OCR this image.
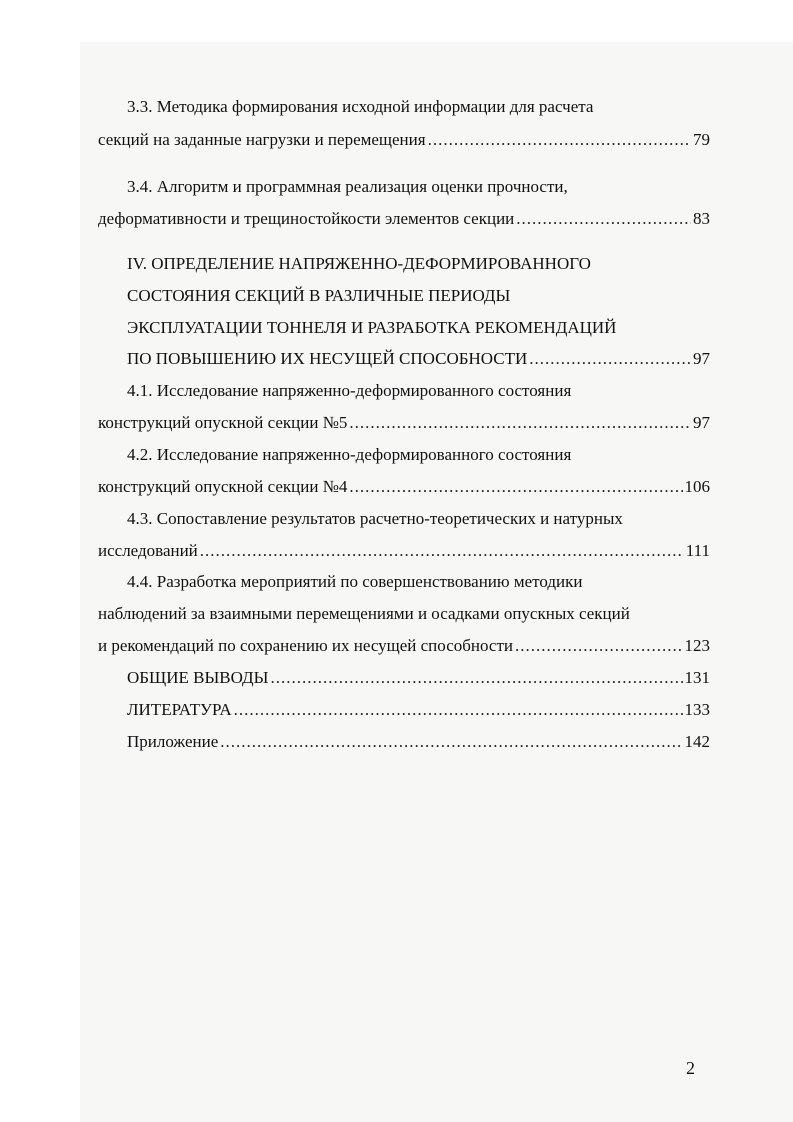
3.3. Методика формирования исходной информации для расчета
секций на заданные нагрузки и перемещения .....	79
3.4. Алгоритм и программная реализация оценки прочности,
деформативности и трещиностойкости элементов секции .....	83
IV. ОПРЕДЕЛЕНИЕ НАПРЯЖЕННО-ДЕФОРМИРОВАННОГО
СОСТОЯНИЯ СЕКЦИЙ В РАЗЛИЧНЫЕ ПЕРИОДЫ
ЭКСПЛУАТАЦИИ ТОННЕЛЯ И РАЗРАБОТКА РЕКОМЕНДАЦИЙ
ПО ПОВЫШЕНИЮ ИХ НЕСУЩЕЙ СПОСОБНОСТИ .....	97
4.1. Исследование напряженно-деформированного состояния
конструкций опускной секции №5 .....	97
4.2. Исследование напряженно-деформированного состояния
конструкций опускной секции №4 .....	106
4.3. Сопоставление результатов расчетно-теоретических и натурных
исследований .....	111
4.4. Разработка мероприятий по совершенствованию методики
наблюдений за взаимными перемещениями и осадками опускных секций
и рекомендаций по сохранению их несущей способности .....	123
ОБЩИЕ ВЫВОДЫ .....	131
ЛИТЕРАТУРА .....	133
Приложение .....	142
2
